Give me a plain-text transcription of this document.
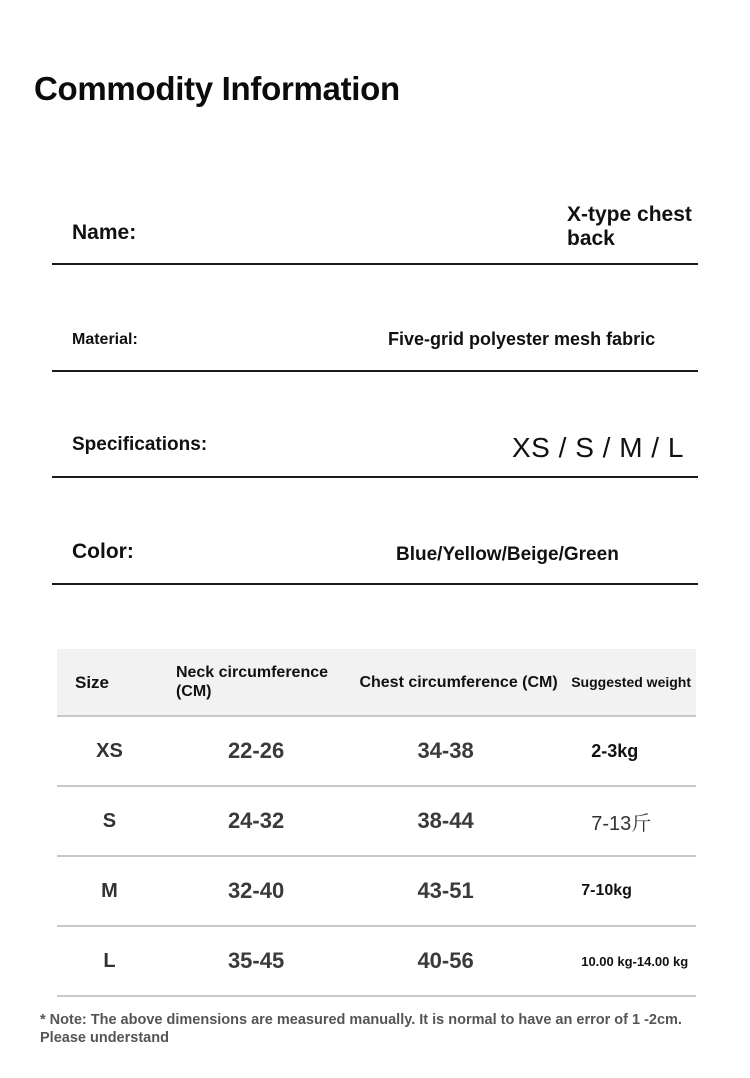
Commodity Information
Name:
X-type chest back
Material:	Five-grid polyester mesh fabric
Specifications:	XS / S / M / L
Color:	Blue/Yellow/Beige/Green
Size	Neck circumference (CM)	Chest circumference (CM)	Suggested weight
XS	22-26	34-38	2-3kg
S	24-32	38-44	7-13斤
M	32-40	43-51	7-10kg
L	35-45	40-56	10.00 kg-14.00 kg
* Note: The above dimensions are measured manually. It is normal to have an error of 1 -2cm. Please understand
